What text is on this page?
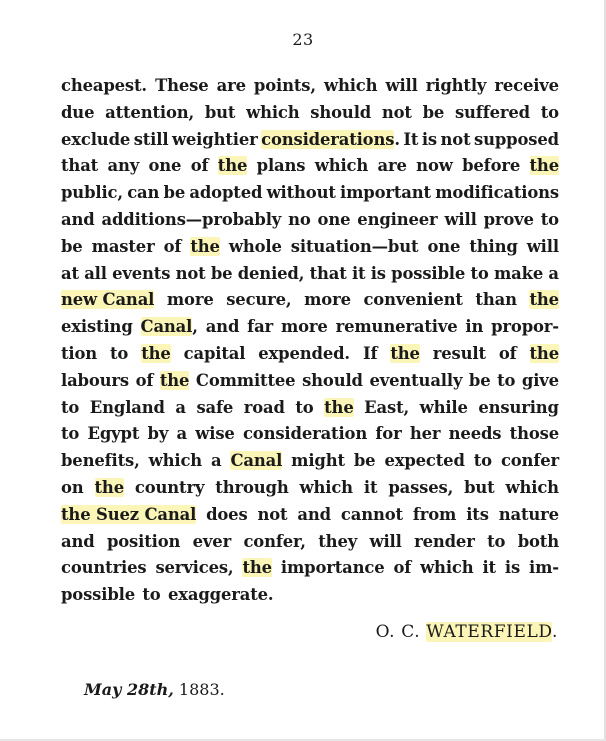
23
cheapest. These are points, which will rightly receive
due attention, but which should not be suffered to
exclude still weightier considerations. It is not supposed
that any one of the plans which are now before the
public, can be adopted without important modifications
and additions—probably no one engineer will prove to
be master of the whole situation—but one thing will
at all events not be denied, that it is possible to make a
new Canal more secure, more convenient than the
existing Canal, and far more remunerative in propor-
tion to the capital expended. If the result of the
labours of the Committee should eventually be to give
to England a safe road to the East, while ensuring
to Egypt by a wise consideration for her needs those
benefits, which a Canal might be expected to confer
on the country through which it passes, but which
the Suez Canal does not and cannot from its nature
and position ever confer, they will render to both
countries services, the importance of which it is im-
possible to exaggerate.
O. C. WATERFIELD.
May 28th, 1883.
